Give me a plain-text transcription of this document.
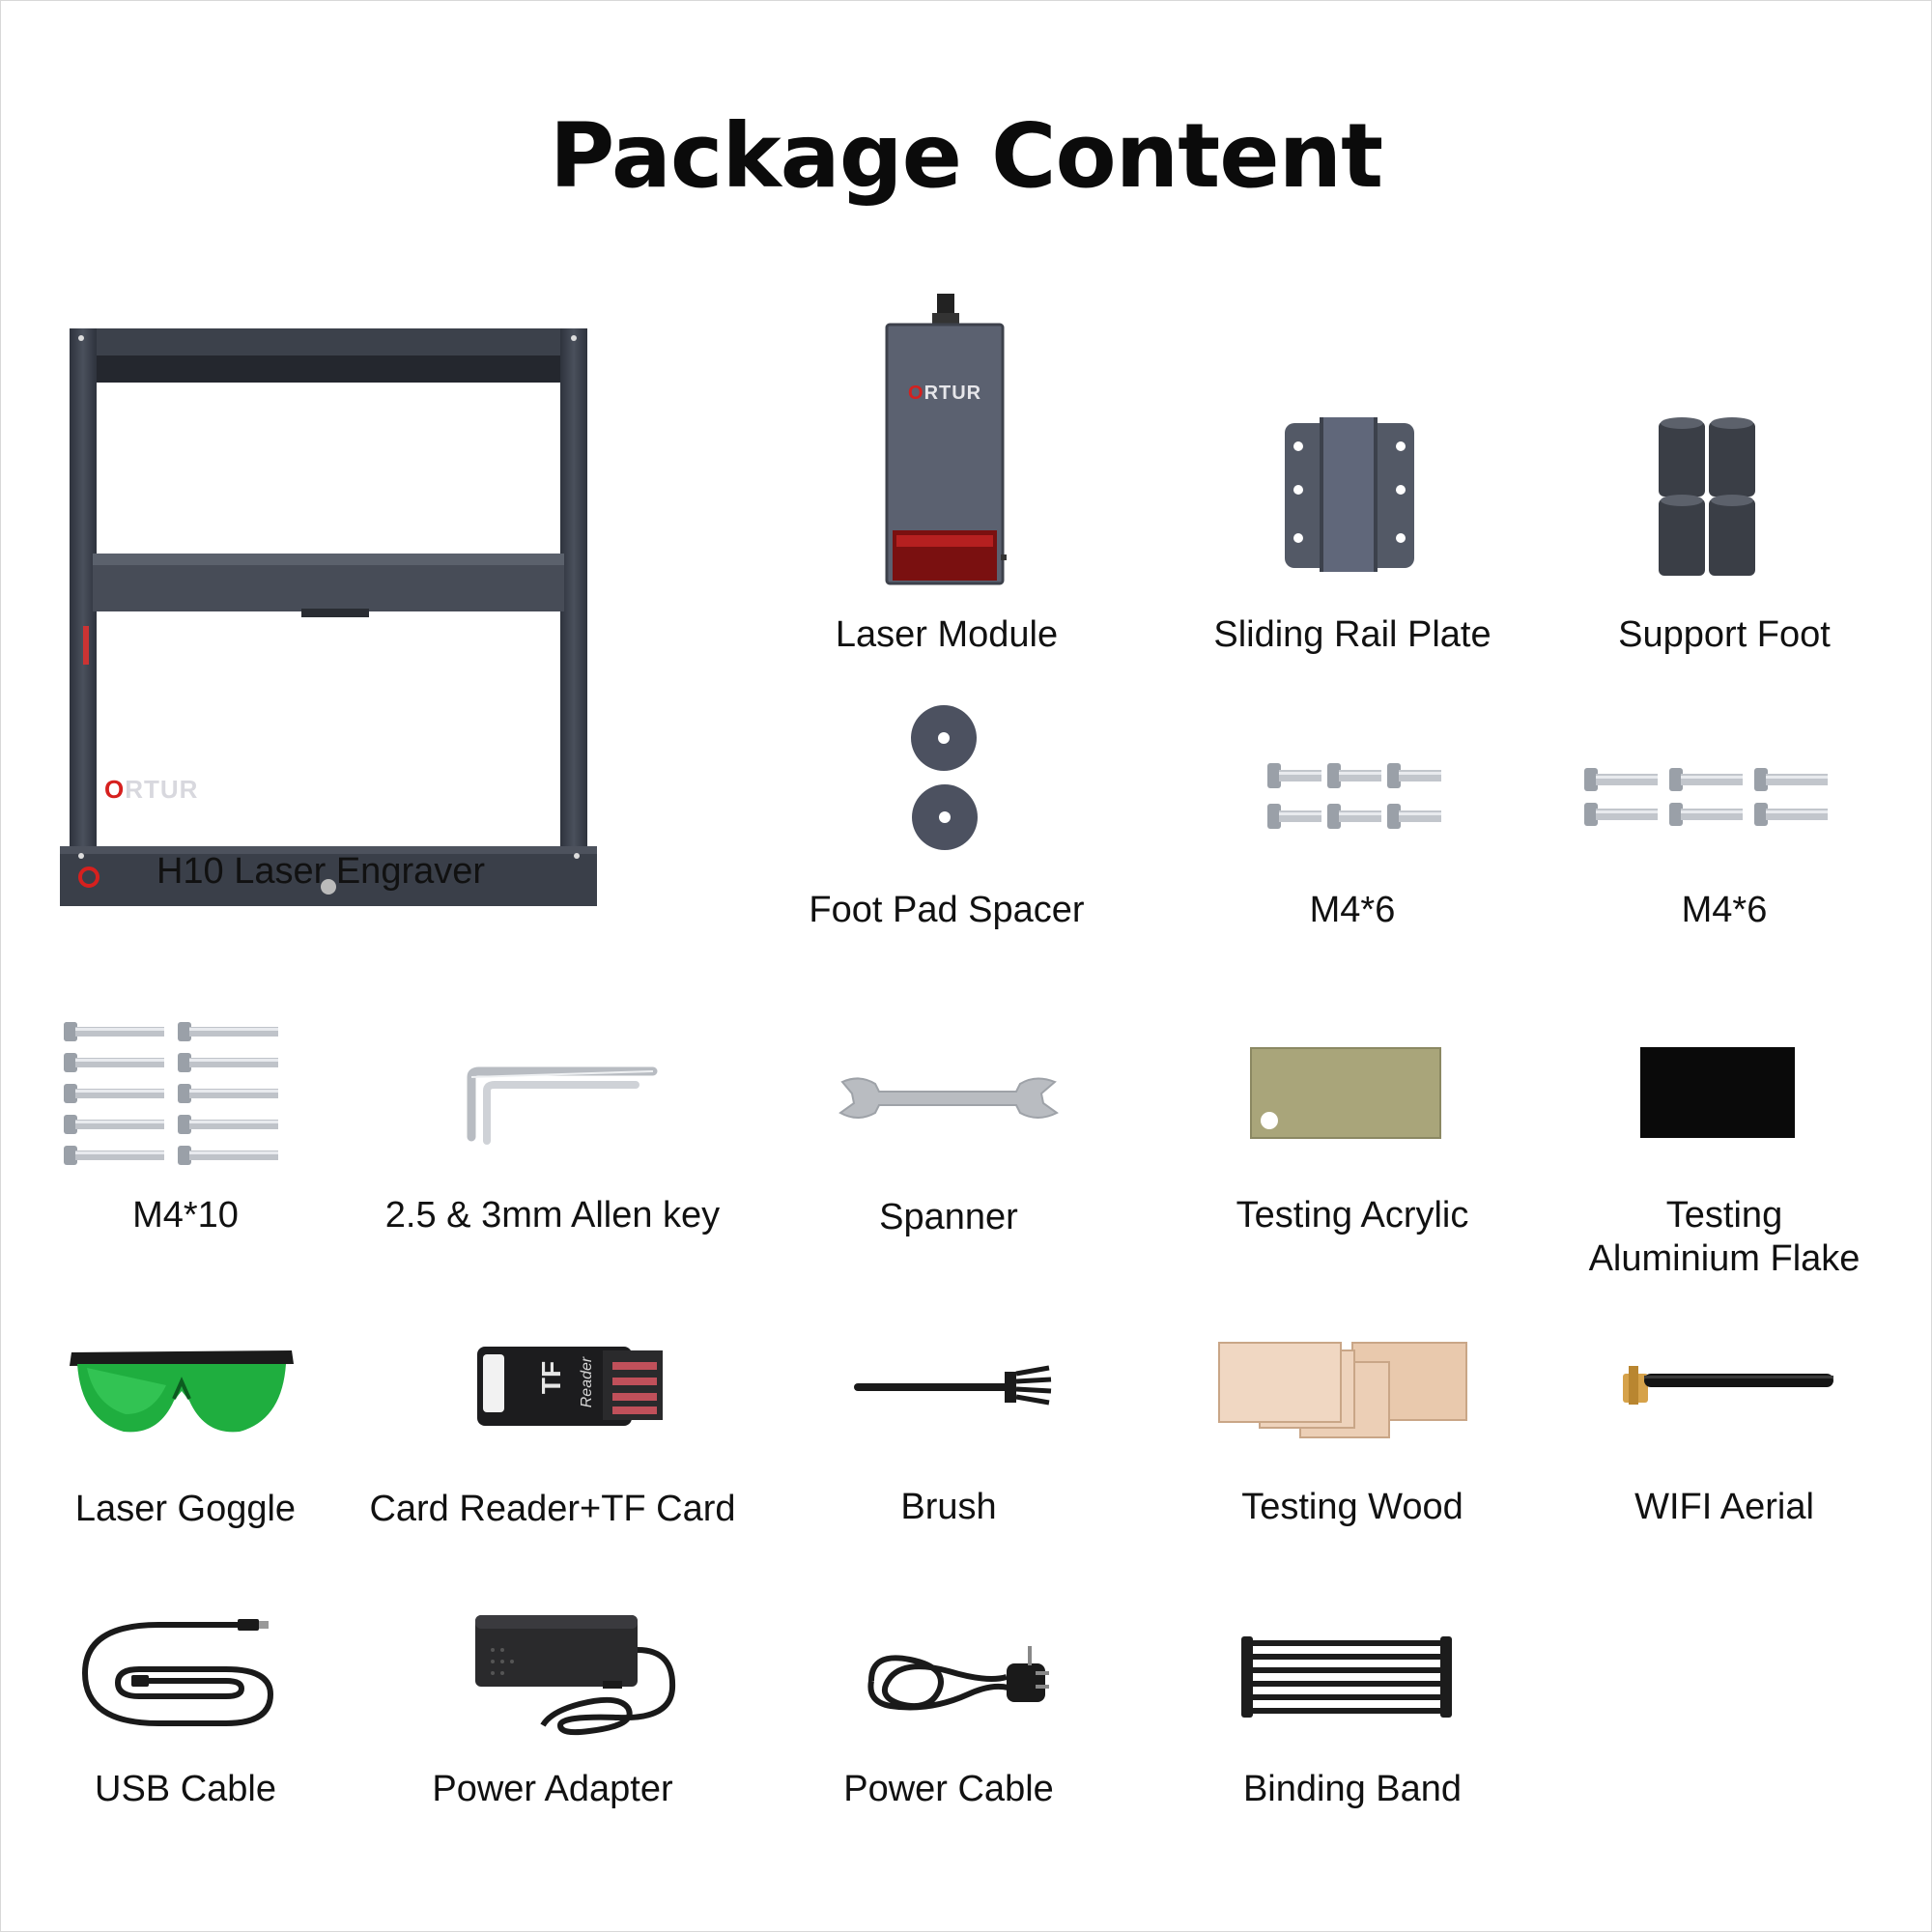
Package Content
ORTUR
H10 Laser Engraver
ORTUR
Laser Module	Sliding Rail Plate	Support Foot
Foot Pad Spacer	M4*6	M4*6
M4*10	2.5 & 3mm Allen key	Spanner	Testing Acrylic	Testing
Aluminium Flake
Laser Goggle
TF Reader
Card Reader+TF Card	Brush	Testing Wood	WIFI Aerial
USB Cable	Power Adapter	Power Cable	Binding Band
